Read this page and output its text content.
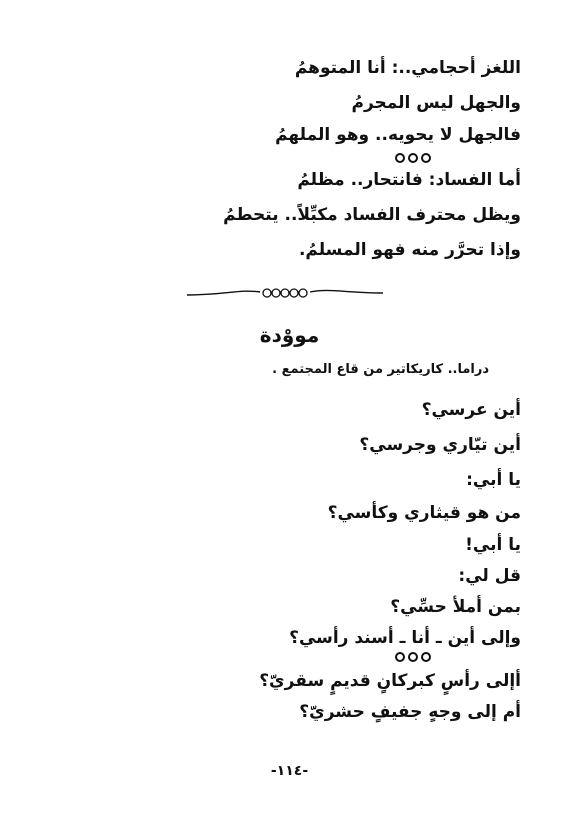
اللغز أحجامي..: أنا المتوهمُ
والجهل ليس المجرمُ
فالجهل لا يحويه.. وهو الملهمُ
أما الفساد: فانتحار.. مظلمُ
ويظل محترف الفساد مكبِّلاً.. يتحطمُ
وإذا تحرَّر منه فهو المسلمُ.
مووْدة
دراما.. كاريكاتير من قاع المجتمع .
أين عرسي؟
أين تيّاري وجرسي؟
يا أبي:
من هو قيثاري وكأسي؟
يا أبي!
قل لي:
بمن أملأ حسِّي؟
وإلى أين ـ أنا ـ أسند رأسي؟
أإلى رأسٍ كبركانٍ قديمٍ سقريّ؟
أم إلى وجهٍ جفيفٍ حشريّ؟
-١١٤-
